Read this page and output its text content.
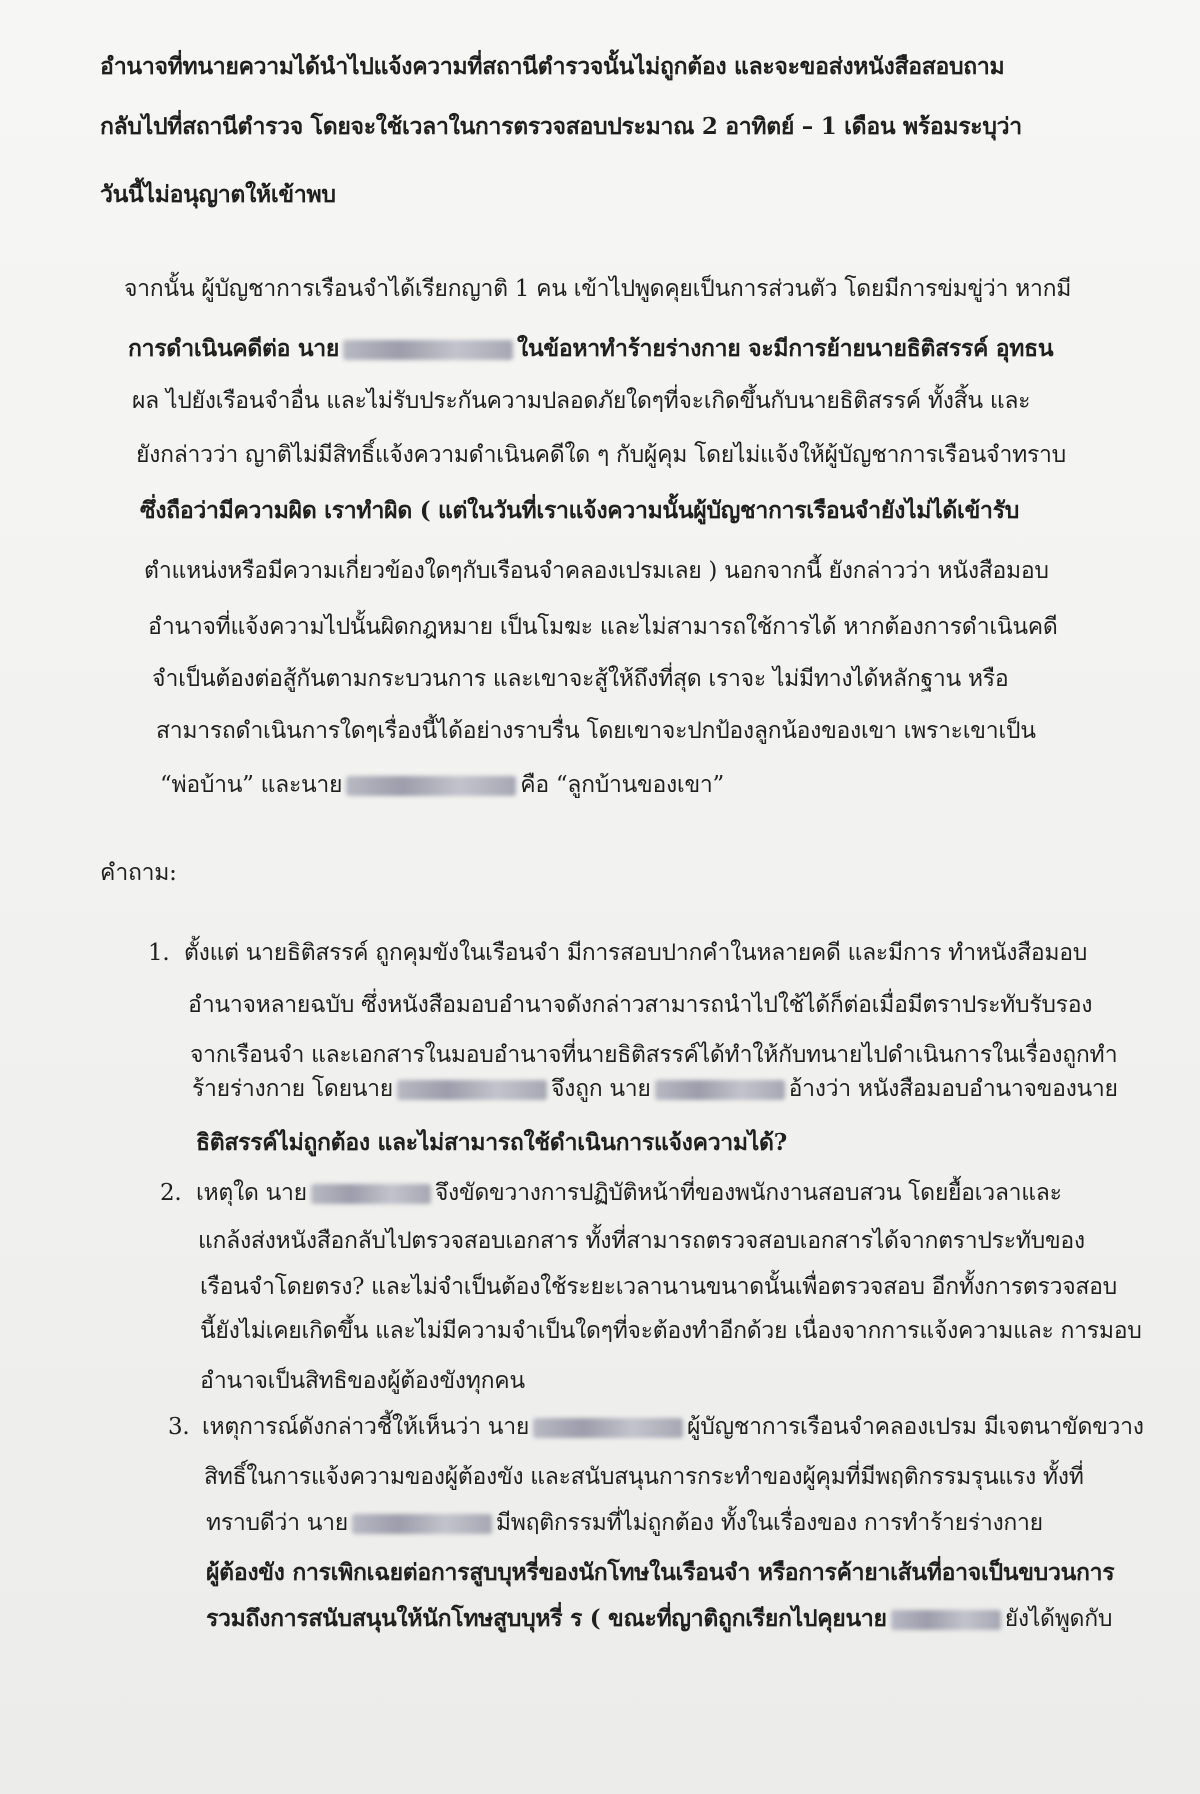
อำนาจที่ทนายความได้นำไปแจ้งความที่สถานีตำรวจนั้นไม่ถูกต้อง และจะขอส่งหนังสือสอบถาม
กลับไปที่สถานีตำรวจ โดยจะใช้เวลาในการตรวจสอบประมาณ 2 อาทิตย์ – 1 เดือน พร้อมระบุว่า
วันนี้ไม่อนุญาตให้เข้าพบ
จากนั้น ผู้บัญชาการเรือนจำได้เรียกญาติ 1 คน เข้าไปพูดคุยเป็นการส่วนตัว โดยมีการข่มขู่ว่า หากมี
การดำเนินคดีต่อ นาย	ในข้อหาทำร้ายร่างกาย จะมีการย้ายนายธิติสรรค์ อุทธน
ผล ไปยังเรือนจำอื่น และไม่รับประกันความปลอดภัยใดๆที่จะเกิดขึ้นกับนายธิติสรรค์ ทั้งสิ้น และ
ยังกล่าวว่า ญาติไม่มีสิทธิ์แจ้งความดำเนินคดีใด ๆ กับผู้คุม โดยไม่แจ้งให้ผู้บัญชาการเรือนจำทราบ
ซึ่งถือว่ามีความผิด เราทำผิด ( แต่ในวันที่เราแจ้งความนั้นผู้บัญชาการเรือนจำยังไม่ได้เข้ารับ
ตำแหน่งหรือมีความเกี่ยวข้องใดๆกับเรือนจำคลองเปรมเลย ) นอกจากนี้ ยังกล่าวว่า หนังสือมอบ
อำนาจที่แจ้งความไปนั้นผิดกฎหมาย เป็นโมฆะ และไม่สามารถใช้การได้ หากต้องการดำเนินคดี
จำเป็นต้องต่อสู้กันตามกระบวนการ และเขาจะสู้ให้ถึงที่สุด เราจะ ไม่มีทางได้หลักฐาน หรือ
สามารถดำเนินการใดๆเรื่องนี้ได้อย่างราบรื่น โดยเขาจะปกป้องลูกน้องของเขา เพราะเขาเป็น
“พ่อบ้าน” และนาย	คือ “ลูกบ้านของเขา”
คำถาม:
1. ตั้งแต่ นายธิติสรรค์ ถูกคุมขังในเรือนจำ มีการสอบปากคำในหลายคดี และมีการ ทำหนังสือมอบ
อำนาจหลายฉบับ ซึ่งหนังสือมอบอำนาจดังกล่าวสามารถนำไปใช้ได้ก็ต่อเมื่อมีตราประทับรับรอง
จากเรือนจำ และเอกสารในมอบอำนาจที่นายธิติสรรค์ได้ทำให้กับทนายไปดำเนินการในเรื่องถูกทำ
ร้ายร่างกาย โดยนาย	จึงถูก นาย	อ้างว่า หนังสือมอบอำนาจของนาย
ธิติสรรค์ไม่ถูกต้อง และไม่สามารถใช้ดำเนินการแจ้งความได้?
2. เหตุใด นาย	จึงขัดขวางการปฏิบัติหน้าที่ของพนักงานสอบสวน โดยยื้อเวลาและ
แกล้งส่งหนังสือกลับไปตรวจสอบเอกสาร ทั้งที่สามารถตรวจสอบเอกสารได้จากตราประทับของ
เรือนจำโดยตรง? และไม่จำเป็นต้องใช้ระยะเวลานานขนาดนั้นเพื่อตรวจสอบ อีกทั้งการตรวจสอบ
นี้ยังไม่เคยเกิดขึ้น และไม่มีความจำเป็นใดๆที่จะต้องทำอีกด้วย เนื่องจากการแจ้งความและ การมอบ
อำนาจเป็นสิทธิของผู้ต้องขังทุกคน
3. เหตุการณ์ดังกล่าวชี้ให้เห็นว่า นาย	ผู้บัญชาการเรือนจำคลองเปรม มีเจตนาขัดขวาง
สิทธิ์ในการแจ้งความของผู้ต้องขัง และสนับสนุนการกระทำของผู้คุมที่มีพฤติกรรมรุนแรง ทั้งที่
ทราบดีว่า นาย	มีพฤติกรรมที่ไม่ถูกต้อง ทั้งในเรื่องของ การทำร้ายร่างกาย
ผู้ต้องขัง การเพิกเฉยต่อการสูบบุหรี่ของนักโทษในเรือนจำ หรือการค้ายาเส้นที่อาจเป็นขบวนการ
รวมถึงการสนับสนุนให้นักโทษสูบบุหรี่ ร ( ขณะที่ญาติถูกเรียกไปคุยนาย	ยังได้พูดกับ
